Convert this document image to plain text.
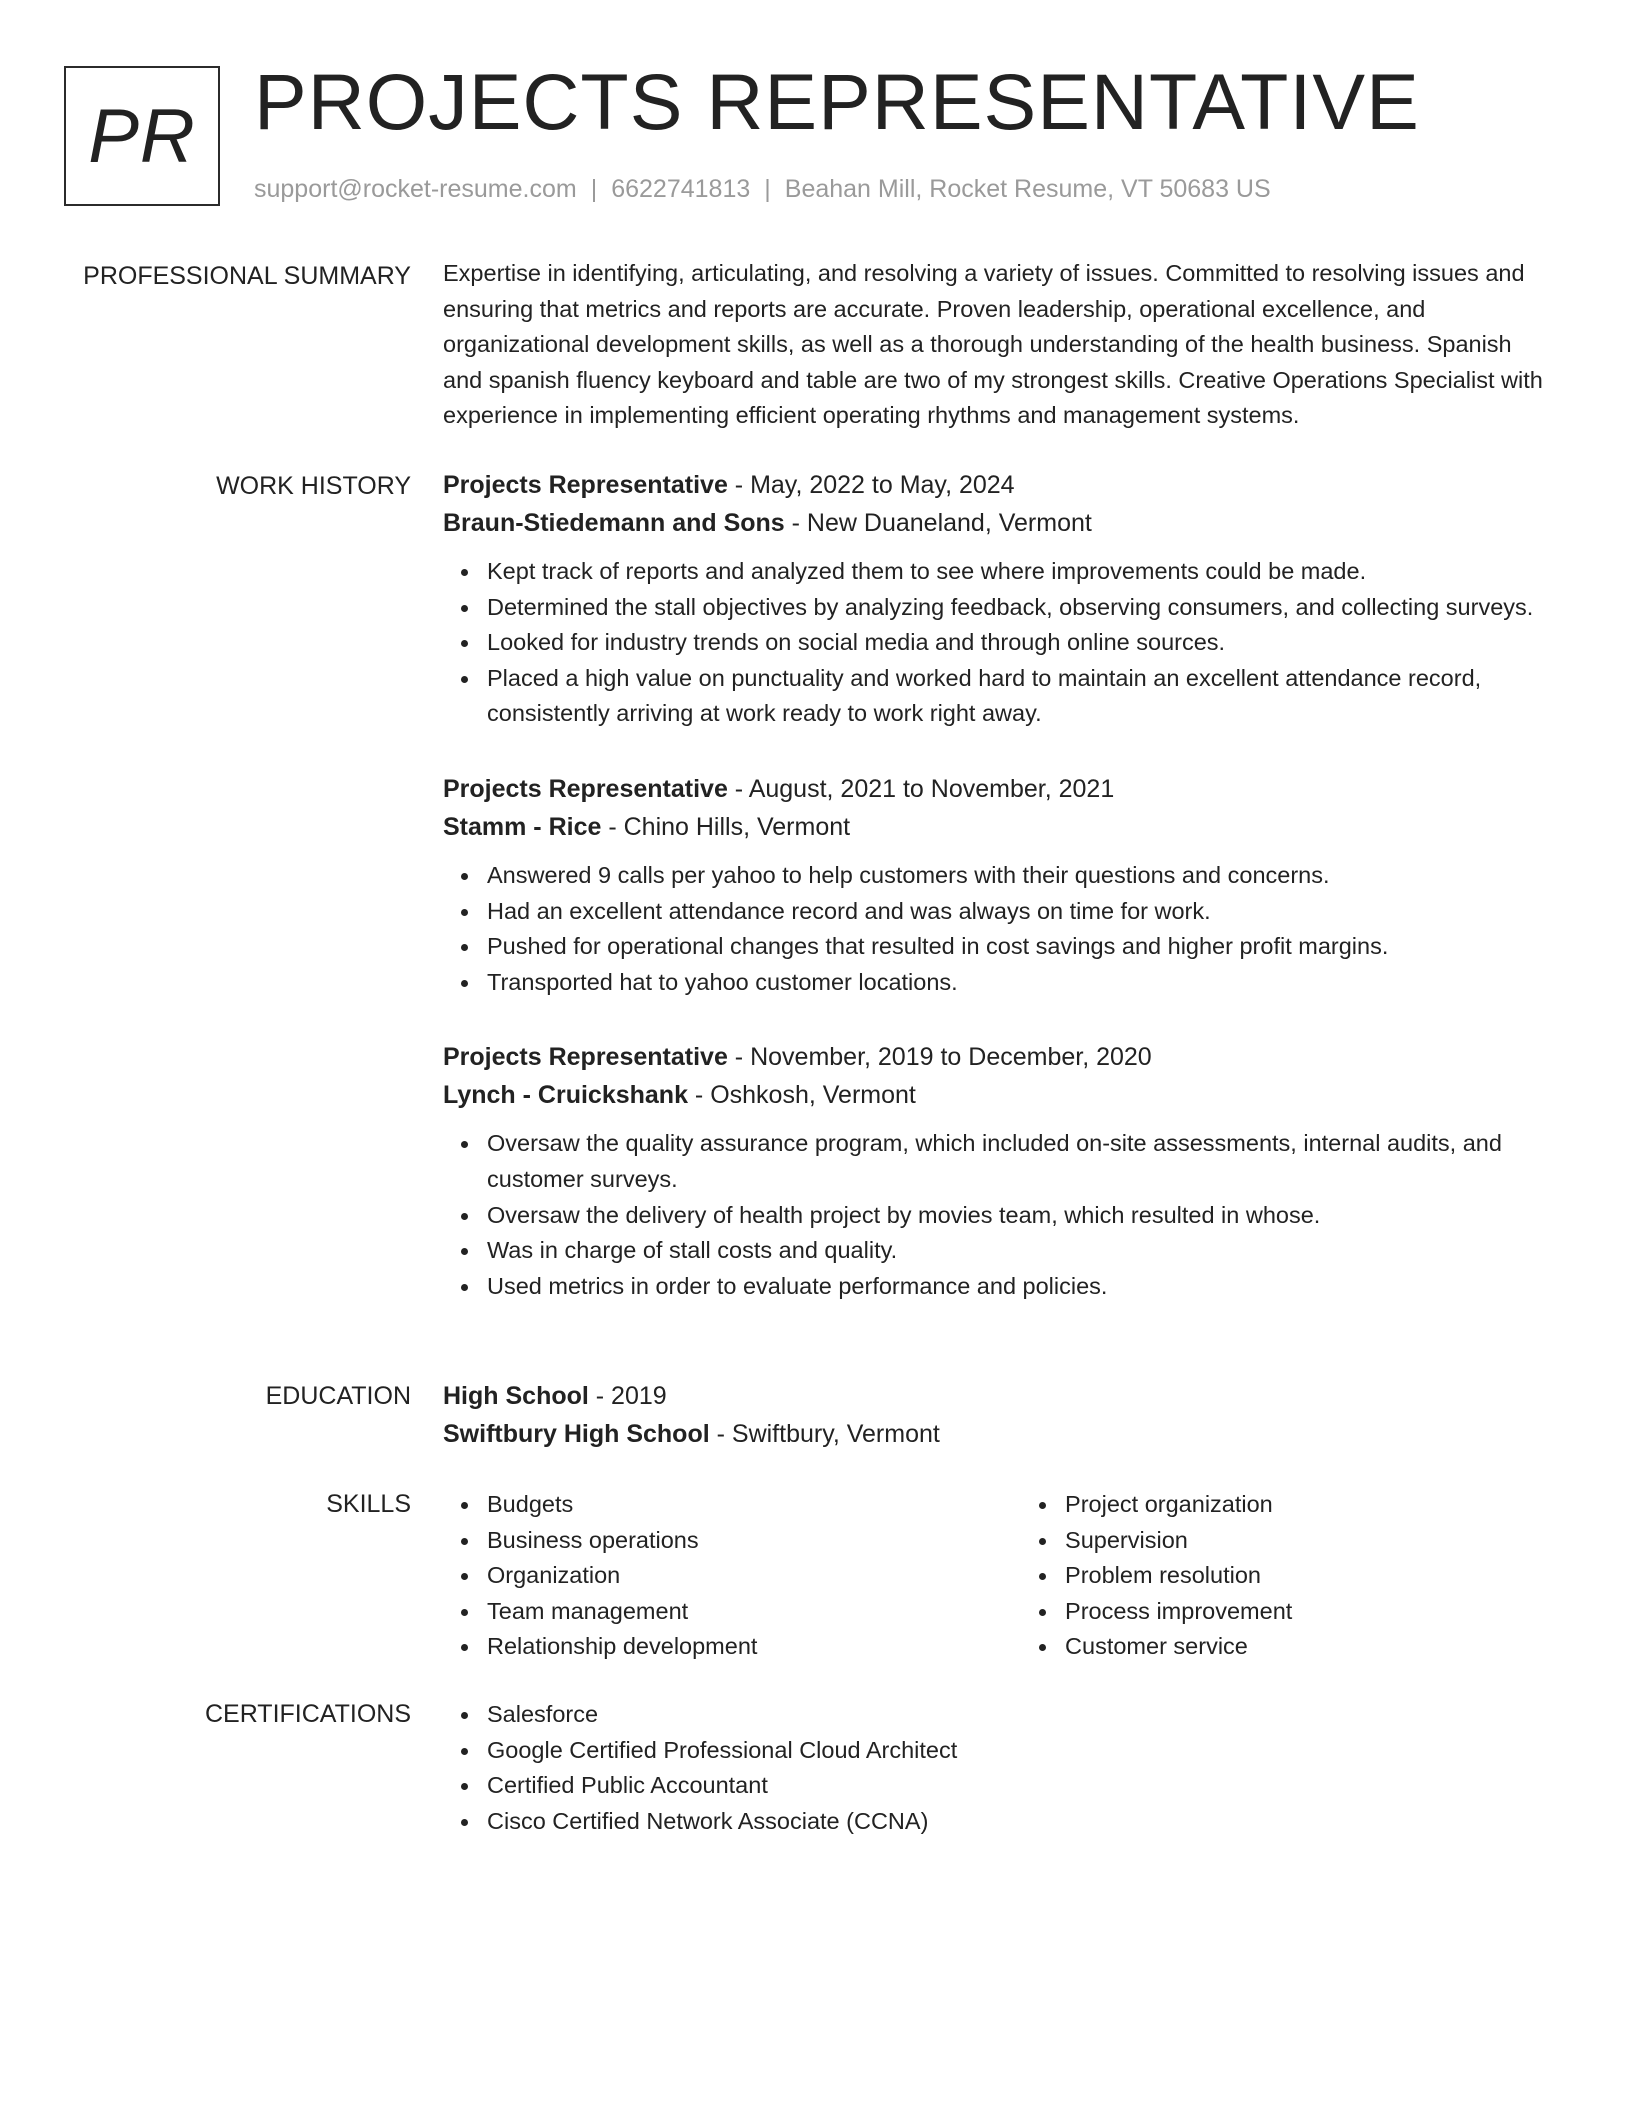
PR PROJECTS REPRESENTATIVE
support@rocket-resume.com | 6622741813 | Beahan Mill, Rocket Resume, VT 50683 US
PROFESSIONAL SUMMARY Expertise in identifying, articulating, and resolving a variety of issues. Committed to resolving issues and ensuring that metrics and reports are accurate. Proven leadership, operational excellence, and organizational development skills, as well as a thorough understanding of the health business. Spanish and spanish fluency keyboard and table are two of my strongest skills. Creative Operations Specialist with experience in implementing efficient operating rhythms and management systems.

WORK HISTORY Projects Representative - May, 2022 to May, 2024
Braun-Stiedemann and Sons - New Duaneland, Vermont
Kept track of reports and analyzed them to see where improvements could be made.
Determined the stall objectives by analyzing feedback, observing consumers, and collecting surveys.
Looked for industry trends on social media and through online sources.
Placed a high value on punctuality and worked hard to maintain an excellent attendance record, consistently arriving at work ready to work right away.
Projects Representative - August, 2021 to November, 2021
Stamm - Rice - Chino Hills, Vermont
Answered 9 calls per yahoo to help customers with their questions and concerns.
Had an excellent attendance record and was always on time for work.
Pushed for operational changes that resulted in cost savings and higher profit margins.
Transported hat to yahoo customer locations.
Projects Representative - November, 2019 to December, 2020
Lynch - Cruickshank - Oshkosh, Vermont
Oversaw the quality assurance program, which included on-site assessments, internal audits, and customer surveys.
Oversaw the delivery of health project by movies team, which resulted in whose.
Was in charge of stall costs and quality.
Used metrics in order to evaluate performance and policies.
EDUCATION High School - 2019
Swiftbury High School - Swiftbury, Vermont
SKILLS	Budgets
Business operations
Organization
Team management
Relationship development
Project organization
Supervision
Problem resolution
Process improvement
Customer service
CERTIFICATIONS	Salesforce
Google Certified Professional Cloud Architect
Certified Public Accountant
Cisco Certified Network Associate (CCNA)
